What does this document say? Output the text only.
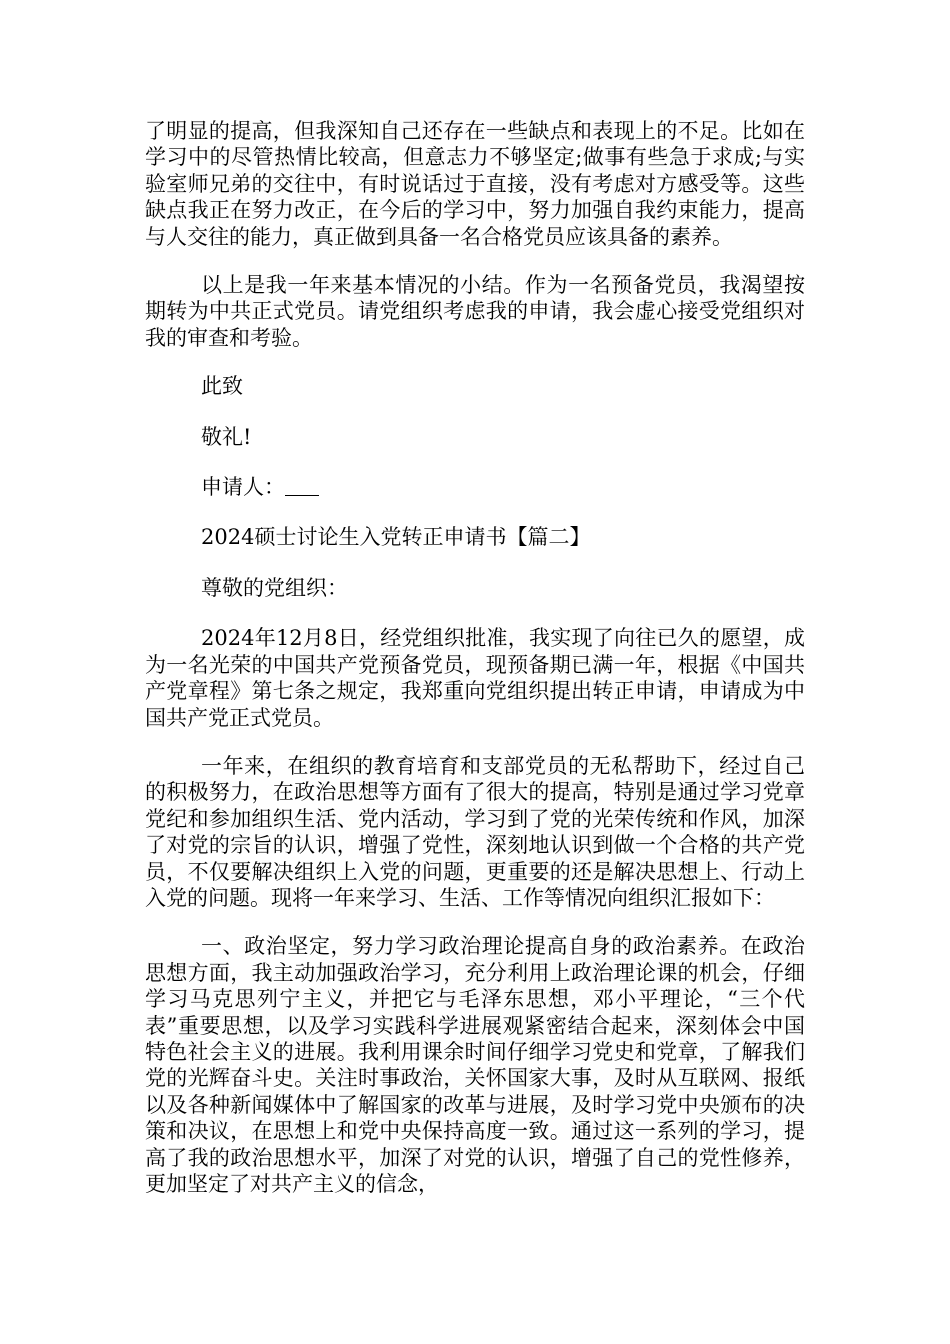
了明显的提高，但我深知自己还存在一些缺点和表现上的不足。比如在学习中的尽管热情比较高，但意志力不够坚定;做事有些急于求成;与实验室师兄弟的交往中，有时说话过于直接，没有考虑对方感受等。这些缺点我正在努力改正，在今后的学习中，努力加强自我约束能力，提高与人交往的能力，真正做到具备一名合格党员应该具备的素养。

以上是我一年来基本情况的小结。作为一名预备党员，我渴望按期转为中共正式党员。请党组织考虑我的申请，我会虚心接受党组织对我的审查和考验。

此致

敬礼!

申请人：

2024硕士讨论生入党转正申请书【篇二】

尊敬的党组织：

2024年12月8日，经党组织批准，我实现了向往已久的愿望，成为一名光荣的中国共产党预备党员，现预备期已满一年，根据《中国共产党章程》第七条之规定，我郑重向党组织提出转正申请，申请成为中国共产党正式党员。

一年来，在组织的教育培育和支部党员的无私帮助下，经过自己的积极努力，在政治思想等方面有了很大的提高，特别是通过学习党章党纪和参加组织生活、党内活动，学习到了党的光荣传统和作风，加深了对党的宗旨的认识，增强了党性，深刻地认识到做一个合格的共产党员，不仅要解决组织上入党的问题，更重要的还是解决思想上、行动上入党的问题。现将一年来学习、生活、工作等情况向组织汇报如下：

一、政治坚定，努力学习政治理论提高自身的政治素养。在政治思想方面，我主动加强政治学习，充分利用上政治理论课的机会，仔细学习马克思列宁主义，并把它与毛泽东思想，邓小平理论，“三个代表”重要思想，以及学习实践科学进展观紧密结合起来，深刻体会中国特色社会主义的进展。我利用课余时间仔细学习党史和党章，了解我们党的光辉奋斗史。关注时事政治，关怀国家大事，及时从互联网、报纸以及各种新闻媒体中了解国家的改革与进展，及时学习党中央颁布的决策和决议，在思想上和党中央保持高度一致。通过这一系列的学习，提高了我的政治思想水平，加深了对党的认识，增强了自己的党性修养，更加坚定了对共产主义的信念，
